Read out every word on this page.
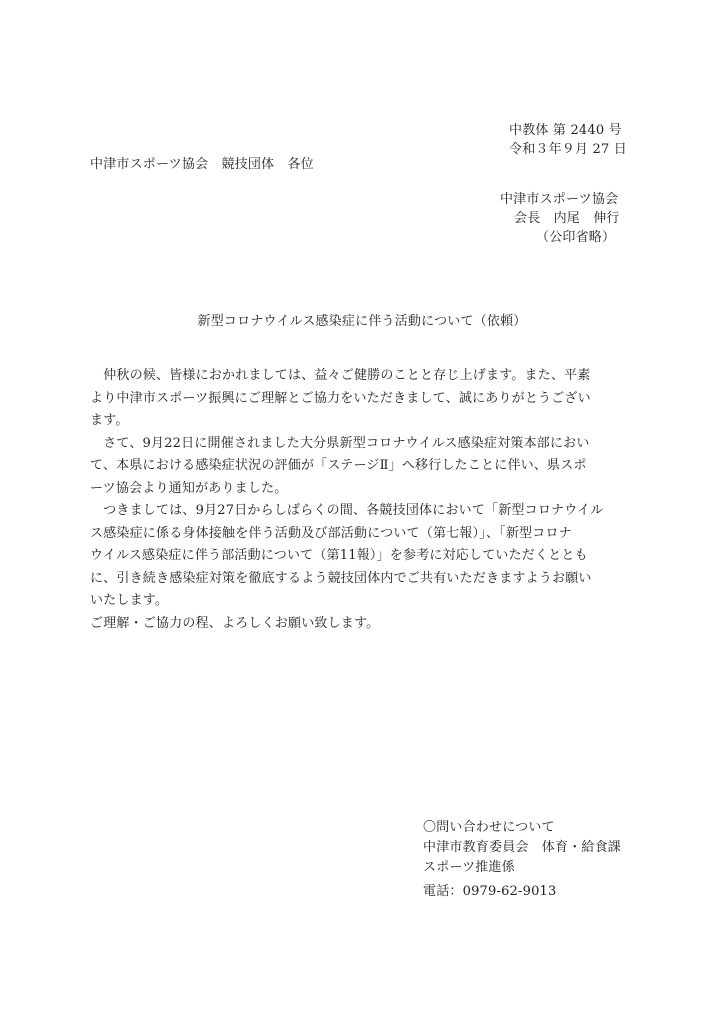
中教体 第 2440 号
令和３年９月 27 日
中津市スポーツ協会　競技団体　各位
中津市スポーツ協会
会長　内尾　伸行
（公印省略）
新型コロナウイルス感染症に伴う活動について（依頼）
　仲秋の候、皆様におかれましては、益々ご健勝のことと存じ上げます。また、平素
より中津市スポーツ振興にご理解とご協力をいただきまして、誠にありがとうござい
ます。
　さて、9月22日に開催されました大分県新型コロナウイルス感染症対策本部におい
て、本県における感染症状況の評価が「ステージⅡ」へ移行したことに伴い、県スポ
ーツ協会より通知がありました。
　つきましては、9月27日からしばらくの間、各競技団体において「新型コロナウイル
ス感染症に係る身体接触を伴う活動及び部活動について（第七報）」、「新型コロナ
ウイルス感染症に伴う部活動について（第11報）」を参考に対応していただくととも
に、引き続き感染症対策を徹底するよう競技団体内でご共有いただきますようお願い
いたします。
ご理解・ご協力の程、よろしくお願い致します。
〇問い合わせについて
中津市教育委員会　体育・給食課
スポーツ推進係
電話：0979-62-9013
